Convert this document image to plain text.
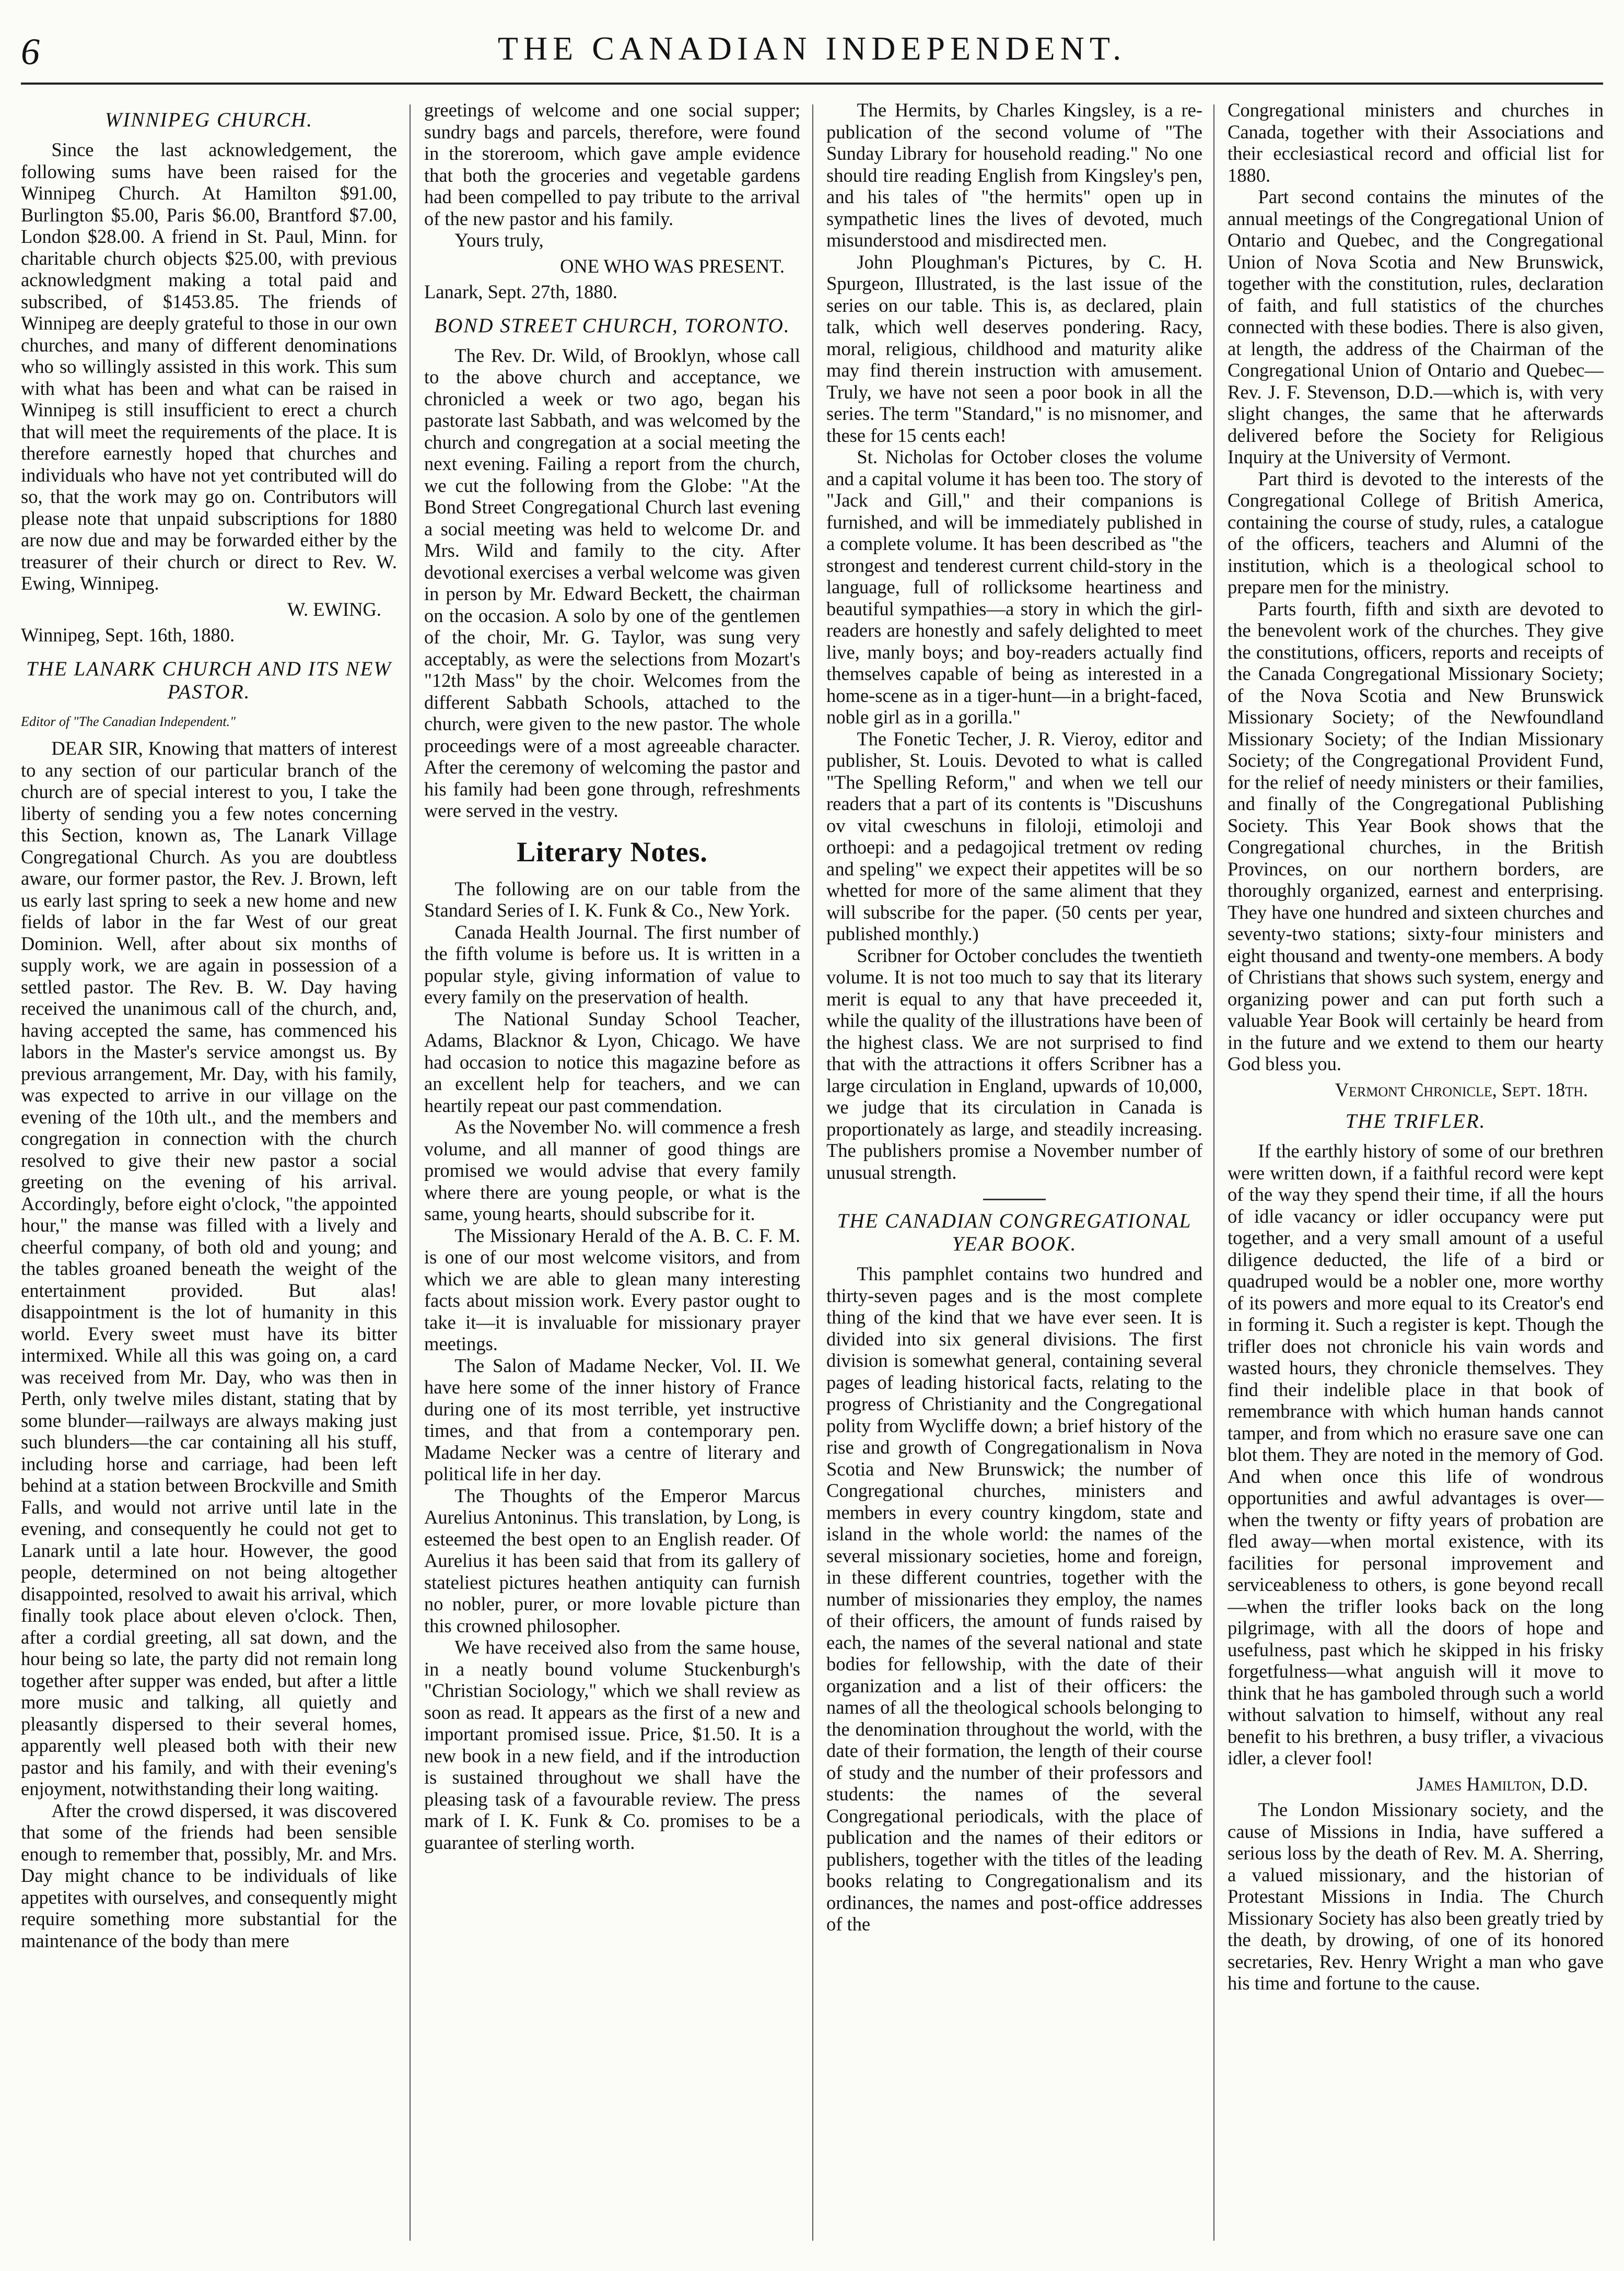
6	THE CANADIAN INDEPENDENT.
WINNIPEG CHURCH.

Since the last acknowledgement, the following sums have been raised for the Winnipeg Church. At Hamilton $91.00, Burlington $5.00, Paris $6.00, Brantford $7.00, London $28.00. A friend in St. Paul, Minn. for charitable church objects $25.00, with previous acknowledgment making a total paid and subscribed, of $1453.85. The friends of Winnipeg are deeply grateful to those in our own churches, and many of different denominations who so willingly assisted in this work. This sum with what has been and what can be raised in Winnipeg is still insufficient to erect a church that will meet the requirements of the place. It is therefore earnestly hoped that churches and individuals who have not yet contributed will do so, that the work may go on. Contributors will please note that unpaid subscriptions for 1880 are now due and may be forwarded either by the treasurer of their church or direct to Rev. W. Ewing, Winnipeg.

W. EWING.

Winnipeg, Sept. 16th, 1880.

THE LANARK CHURCH AND ITS NEW PASTOR.

Editor of "The Canadian Independent."

DEAR SIR, Knowing that matters of interest to any section of our particular branch of the church are of special interest to you, I take the liberty of sending you a few notes concerning this Section, known as, The Lanark Village Congregational Church. As you are doubtless aware, our former pastor, the Rev. J. Brown, left us early last spring to seek a new home and new fields of labor in the far West of our great Dominion. Well, after about six months of supply work, we are again in possession of a settled pastor. The Rev. B. W. Day having received the unanimous call of the church, and, having accepted the same, has commenced his labors in the Master's service amongst us. By previous arrangement, Mr. Day, with his family, was expected to arrive in our village on the evening of the 10th ult., and the members and congregation in connection with the church resolved to give their new pastor a social greeting on the evening of his arrival. Accordingly, before eight o'clock, "the appointed hour," the manse was filled with a lively and cheerful company, of both old and young; and the tables groaned beneath the weight of the entertainment provided. But alas! disappointment is the lot of humanity in this world. Every sweet must have its bitter intermixed. While all this was going on, a card was received from Mr. Day, who was then in Perth, only twelve miles distant, stating that by some blunder—railways are always making just such blunders—the car containing all his stuff, including horse and carriage, had been left behind at a station between Brockville and Smith Falls, and would not arrive until late in the evening, and consequently he could not get to Lanark until a late hour. However, the good people, determined on not being altogether disappointed, resolved to await his arrival, which finally took place about eleven o'clock. Then, after a cordial greeting, all sat down, and the hour being so late, the party did not remain long together after supper was ended, but after a little more music and talking, all quietly and pleasantly dispersed to their several homes, apparently well pleased both with their new pastor and his family, and with their evening's enjoyment, notwithstanding their long waiting.

After the crowd dispersed, it was discovered that some of the friends had been sensible enough to remember that, possibly, Mr. and Mrs. Day might chance to be individuals of like appetites with ourselves, and consequently might require something more substantial for the maintenance of the body than mere

greetings of welcome and one social supper; sundry bags and parcels, therefore, were found in the storeroom, which gave ample evidence that both the groceries and vegetable gardens had been compelled to pay tribute to the arrival of the new pastor and his family.

Yours truly,

ONE WHO WAS PRESENT.

Lanark, Sept. 27th, 1880.

BOND STREET CHURCH, TORONTO.

The Rev. Dr. Wild, of Brooklyn, whose call to the above church and acceptance, we chronicled a week or two ago, began his pastorate last Sabbath, and was welcomed by the church and congregation at a social meeting the next evening. Failing a report from the church, we cut the following from the Globe: "At the Bond Street Congregational Church last evening a social meeting was held to welcome Dr. and Mrs. Wild and family to the city. After devotional exercises a verbal welcome was given in person by Mr. Edward Beckett, the chairman on the occasion. A solo by one of the gentlemen of the choir, Mr. G. Taylor, was sung very acceptably, as were the selections from Mozart's "12th Mass" by the choir. Welcomes from the different Sabbath Schools, attached to the church, were given to the new pastor. The whole proceedings were of a most agreeable character. After the ceremony of welcoming the pastor and his family had been gone through, refreshments were served in the vestry.

Literary Notes.

The following are on our table from the Standard Series of I. K. Funk & Co., New York.

Canada Health Journal. The first number of the fifth volume is before us. It is written in a popular style, giving information of value to every family on the preservation of health.

The National Sunday School Teacher, Adams, Blacknor & Lyon, Chicago. We have had occasion to notice this magazine before as an excellent help for teachers, and we can heartily repeat our past commendation.

As the November No. will commence a fresh volume, and all manner of good things are promised we would advise that every family where there are young people, or what is the same, young hearts, should subscribe for it.

The Missionary Herald of the A. B. C. F. M. is one of our most welcome visitors, and from which we are able to glean many interesting facts about mission work. Every pastor ought to take it—it is invaluable for missionary prayer meetings.

The Salon of Madame Necker, Vol. II. We have here some of the inner history of France during one of its most terrible, yet instructive times, and that from a contemporary pen. Madame Necker was a centre of literary and political life in her day.

The Thoughts of the Emperor Marcus Aurelius Antoninus. This translation, by Long, is esteemed the best open to an English reader. Of Aurelius it has been said that from its gallery of stateliest pictures heathen antiquity can furnish no nobler, purer, or more lovable picture than this crowned philosopher.

We have received also from the same house, in a neatly bound volume Stuckenburgh's "Christian Sociology," which we shall review as soon as read. It appears as the first of a new and important promised issue. Price, $1.50. It is a new book in a new field, and if the introduction is sustained throughout we shall have the pleasing task of a favourable review. The press mark of I. K. Funk & Co. promises to be a guarantee of sterling worth.

The Hermits, by Charles Kingsley, is a re-publication of the second volume of "The Sunday Library for household reading." No one should tire reading English from Kingsley's pen, and his tales of "the hermits" open up in sympathetic lines the lives of devoted, much misunderstood and misdirected men.

John Ploughman's Pictures, by C. H. Spurgeon, Illustrated, is the last issue of the series on our table. This is, as declared, plain talk, which well deserves pondering. Racy, moral, religious, childhood and maturity alike may find therein instruction with amusement. Truly, we have not seen a poor book in all the series. The term "Standard," is no misnomer, and these for 15 cents each!

St. Nicholas for October closes the volume and a capital volume it has been too. The story of "Jack and Gill," and their companions is furnished, and will be immediately published in a complete volume. It has been described as "the strongest and tenderest current child-story in the language, full of rollicksome heartiness and beautiful sympathies—a story in which the girl-readers are honestly and safely delighted to meet live, manly boys; and boy-readers actually find themselves capable of being as interested in a home-scene as in a tiger-hunt—in a bright-faced, noble girl as in a gorilla."

The Fonetic Techer, J. R. Vieroy, editor and publisher, St. Louis. Devoted to what is called "The Spelling Reform," and when we tell our readers that a part of its contents is "Discushuns ov vital cweschuns in filoloji, etimoloji and orthoepi: and a pedagojical tretment ov reding and speling" we expect their appetites will be so whetted for more of the same aliment that they will subscribe for the paper. (50 cents per year, published monthly.)

Scribner for October concludes the twentieth volume. It is not too much to say that its literary merit is equal to any that have preceeded it, while the quality of the illustrations have been of the highest class. We are not surprised to find that with the attractions it offers Scribner has a large circulation in England, upwards of 10,000, we judge that its circulation in Canada is proportionately as large, and steadily increasing. The publishers promise a November number of unusual strength.

THE CANADIAN CONGREGATIONAL YEAR BOOK.

This pamphlet contains two hundred and thirty-seven pages and is the most complete thing of the kind that we have ever seen. It is divided into six general divisions. The first division is somewhat general, containing several pages of leading historical facts, relating to the progress of Christianity and the Congregational polity from Wycliffe down; a brief history of the rise and growth of Congregationalism in Nova Scotia and New Brunswick; the number of Congregational churches, ministers and members in every country kingdom, state and island in the whole world: the names of the several missionary societies, home and foreign, in these different countries, together with the number of missionaries they employ, the names of their officers, the amount of funds raised by each, the names of the several national and state bodies for fellowship, with the date of their organization and a list of their officers: the names of all the theological schools belonging to the denomination throughout the world, with the date of their formation, the length of their course of study and the number of their professors and students: the names of the several Congregational periodicals, with the place of publication and the names of their editors or publishers, together with the titles of the leading books relating to Congregationalism and its ordinances, the names and post-office addresses of the

Congregational ministers and churches in Canada, together with their Associations and their ecclesiastical record and official list for 1880.

Part second contains the minutes of the annual meetings of the Congregational Union of Ontario and Quebec, and the Congregational Union of Nova Scotia and New Brunswick, together with the constitution, rules, declaration of faith, and full statistics of the churches connected with these bodies. There is also given, at length, the address of the Chairman of the Congregational Union of Ontario and Quebec—Rev. J. F. Stevenson, D.D.—which is, with very slight changes, the same that he afterwards delivered before the Society for Religious Inquiry at the University of Vermont.

Part third is devoted to the interests of the Congregational College of British America, containing the course of study, rules, a catalogue of the officers, teachers and Alumni of the institution, which is a theological school to prepare men for the ministry.

Parts fourth, fifth and sixth are devoted to the benevolent work of the churches. They give the constitutions, officers, reports and receipts of the Canada Congregational Missionary Society; of the Nova Scotia and New Brunswick Missionary Society; of the Newfoundland Missionary Society; of the Indian Missionary Society; of the Congregational Provident Fund, for the relief of needy ministers or their families, and finally of the Congregational Publishing Society. This Year Book shows that the Congregational churches, in the British Provinces, on our northern borders, are thoroughly organized, earnest and enterprising. They have one hundred and sixteen churches and seventy-two stations; sixty-four ministers and eight thousand and twenty-one members. A body of Christians that shows such system, energy and organizing power and can put forth such a valuable Year Book will certainly be heard from in the future and we extend to them our hearty God bless you.

Vermont Chronicle, Sept. 18th.

THE TRIFLER.

If the earthly history of some of our brethren were written down, if a faithful record were kept of the way they spend their time, if all the hours of idle vacancy or idler occupancy were put together, and a very small amount of a useful diligence deducted, the life of a bird or quadruped would be a nobler one, more worthy of its powers and more equal to its Creator's end in forming it. Such a register is kept. Though the trifler does not chronicle his vain words and wasted hours, they chronicle themselves. They find their indelible place in that book of remembrance with which human hands cannot tamper, and from which no erasure save one can blot them. They are noted in the memory of God. And when once this life of wondrous opportunities and awful advantages is over—when the twenty or fifty years of probation are fled away—when mortal existence, with its facilities for personal improvement and serviceableness to others, is gone beyond recall—when the trifler looks back on the long pilgrimage, with all the doors of hope and usefulness, past which he skipped in his frisky forgetfulness—what anguish will it move to think that he has gamboled through such a world without salvation to himself, without any real benefit to his brethren, a busy trifler, a vivacious idler, a clever fool!

James Hamilton, D.D.

The London Missionary society, and the cause of Missions in India, have suffered a serious loss by the death of Rev. M. A. Sherring, a valued missionary, and the historian of Protestant Missions in India. The Church Missionary Society has also been greatly tried by the death, by drowing, of one of its honored secretaries, Rev. Henry Wright a man who gave his time and fortune to the cause.
